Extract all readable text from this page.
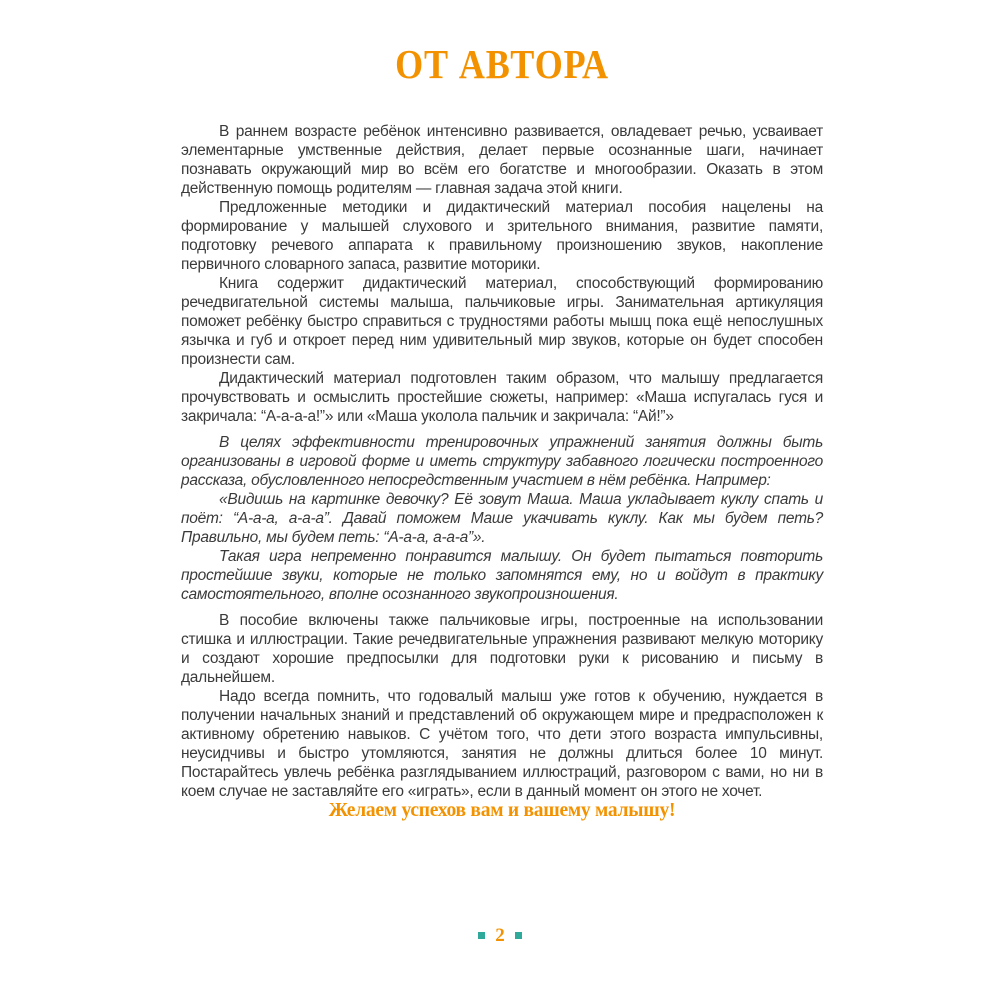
ОТ АВТОРА

В раннем возрасте ребёнок интенсивно развивается, овладевает речью, усваивает элементарные умственные действия, делает первые осознанные шаги, начинает познавать окружающий мир во всём его богатстве и многообразии. Оказать в этом действенную помощь родителям — главная задача этой книги.

Предложенные методики и дидактический материал пособия нацелены на формирование у малышей слухового и зрительного внимания, развитие памяти, подготовку речевого аппарата к правильному произношению звуков, накопление первичного словарного запаса, развитие моторики.

Книга содержит дидактический материал, способствующий формированию речедвигательной системы малыша, пальчиковые игры. Занимательная артикуляция поможет ребёнку быстро справиться с трудностями работы мышц пока ещё непослушных язычка и губ и откроет перед ним удивительный мир звуков, которые он будет способен произнести сам.

Дидактический материал подготовлен таким образом, что малышу предлагается прочувствовать и осмыслить простейшие сюжеты, например: «Маша испугалась гуся и закричала: “А-а-а-а!”» или «Маша уколола пальчик и закричала: “Ай!”»

В целях эффективности тренировочных упражнений занятия должны быть организованы в игровой форме и иметь структуру забавного логически построенного рассказа, обусловленного непосредственным участием в нём ребёнка. Например:

«Видишь на картинке девочку? Её зовут Маша. Маша укладывает куклу спать и поёт: “А-а-а, а-а-а”. Давай поможем Маше укачивать куклу. Как мы будем петь? Правильно, мы будем петь: “А-а-а, а-а-а”».

Такая игра непременно понравится малышу. Он будет пытаться повторить простейшие звуки, которые не только запомнятся ему, но и войдут в практику самостоятельного, вполне осознанного звукопроизношения.

В пособие включены также пальчиковые игры, построенные на использовании стишка и иллюстрации. Такие речедвигательные упражнения развивают мелкую моторику и создают хорошие предпосылки для подготовки руки к рисованию и письму в дальнейшем.

Надо всегда помнить, что годовалый малыш уже готов к обучению, нуждается в получении начальных знаний и представлений об окружающем мире и предрасположен к активному обретению навыков. С учётом того, что дети этого возраста импульсивны, неусидчивы и быстро утомляются, занятия не должны длиться более 10 минут. Постарайтесь увлечь ребёнка разглядыванием иллюстраций, разговором с вами, но ни в коем случае не заставляйте его «играть», если в данный момент он этого не хочет.

Желаем успехов вам и вашему малышу!

2
